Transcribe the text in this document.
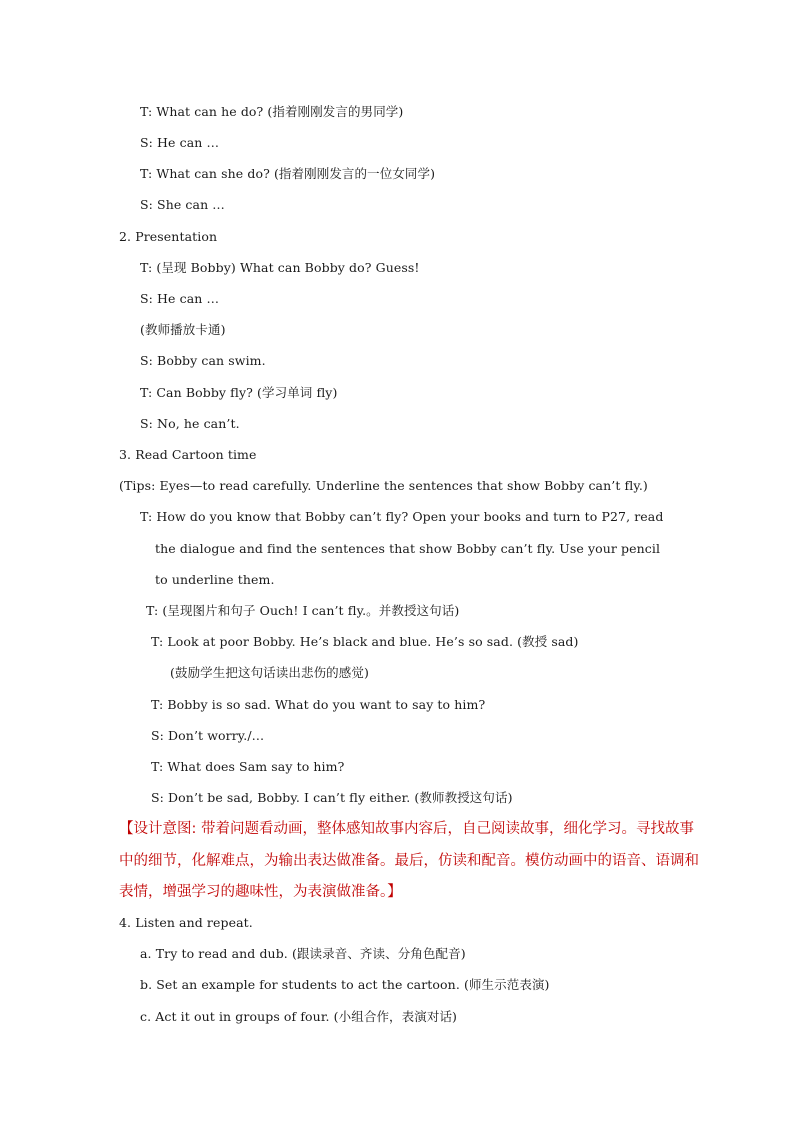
T: What can he do? (指着刚刚发言的男同学)
S: He can …
T: What can she do? (指着刚刚发言的一位女同学)
S: She can …
2. Presentation
T: (呈现 Bobby) What can Bobby do? Guess!
S: He can …
(教师播放卡通)
S: Bobby can swim.
T: Can Bobby fly? (学习单词 fly)
S: No, he can’t.
3. Read Cartoon time
(Tips: Eyes—to read carefully. Underline the sentences that show Bobby can’t fly.)
T: How do you know that Bobby can’t fly? Open your books and turn to P27, read
the dialogue and find the sentences that show Bobby can’t fly. Use your pencil
to underline them.
T: (呈现图片和句子 Ouch! I can’t fly.。并教授这句话)
T: Look at poor Bobby. He’s black and blue. He’s so sad. (教授 sad)
(鼓励学生把这句话读出悲伤的感觉)
T: Bobby is so sad. What do you want to say to him?
S: Don’t worry./…
T: What does Sam say to him?
S: Don’t be sad, Bobby. I can’t fly either. (教师教授这句话)
【设计意图: 带着问题看动画，整体感知故事内容后，自己阅读故事，细化学习。寻找故事
中的细节，化解难点，为输出表达做准备。最后，仿读和配音。模仿动画中的语音、语调和
表情，增强学习的趣味性，为表演做准备。】
4. Listen and repeat.
a. Try to read and dub. (跟读录音、齐读、分角色配音)
b. Set an example for students to act the cartoon. (师生示范表演)
c. Act it out in groups of four. (小组合作，表演对话)
